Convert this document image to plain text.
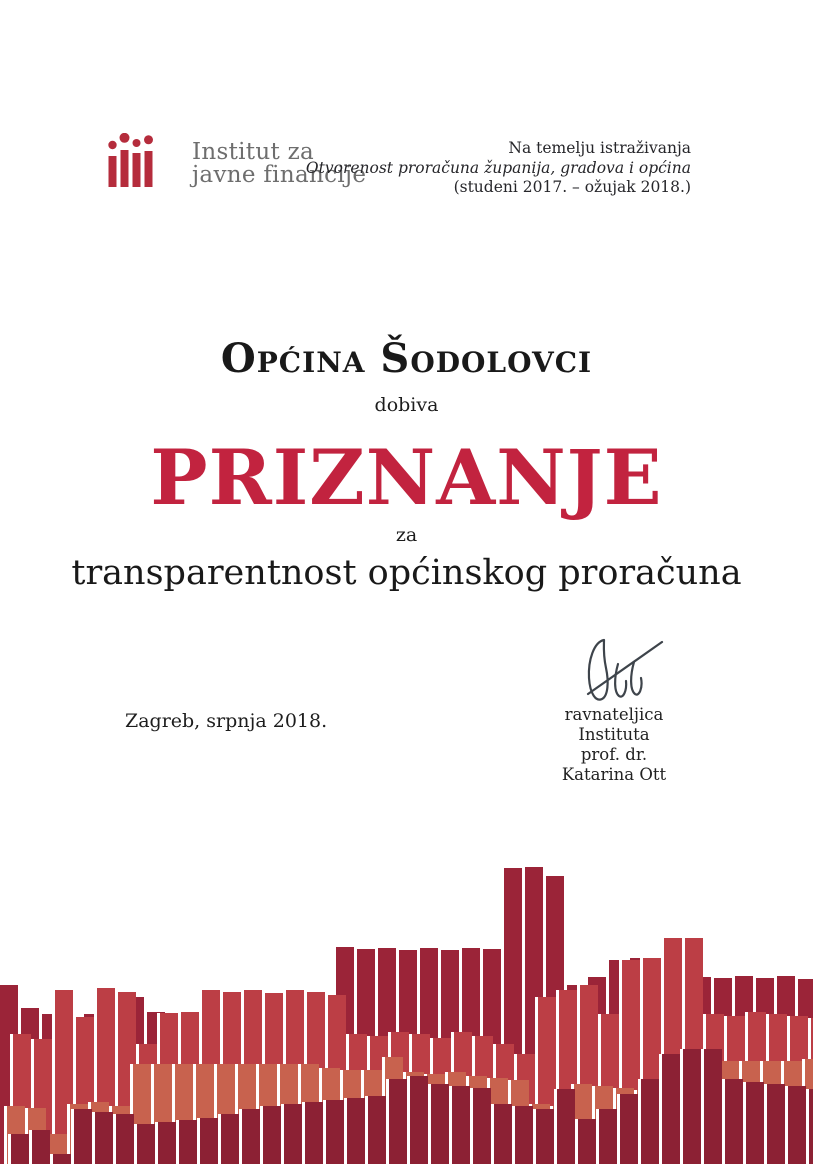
Institut za
javne financije
Na temelju istraživanja
Otvorenost proračuna županija, gradova i općina
(studeni 2017. – ožujak 2018.)
Općina Šodolovci
dobiva
PRIZNANJE
za
transparentnost općinskog proračuna
Zagreb, srpnja 2018.	ravnateljica Instituta
prof. dr. Katarina Ott
